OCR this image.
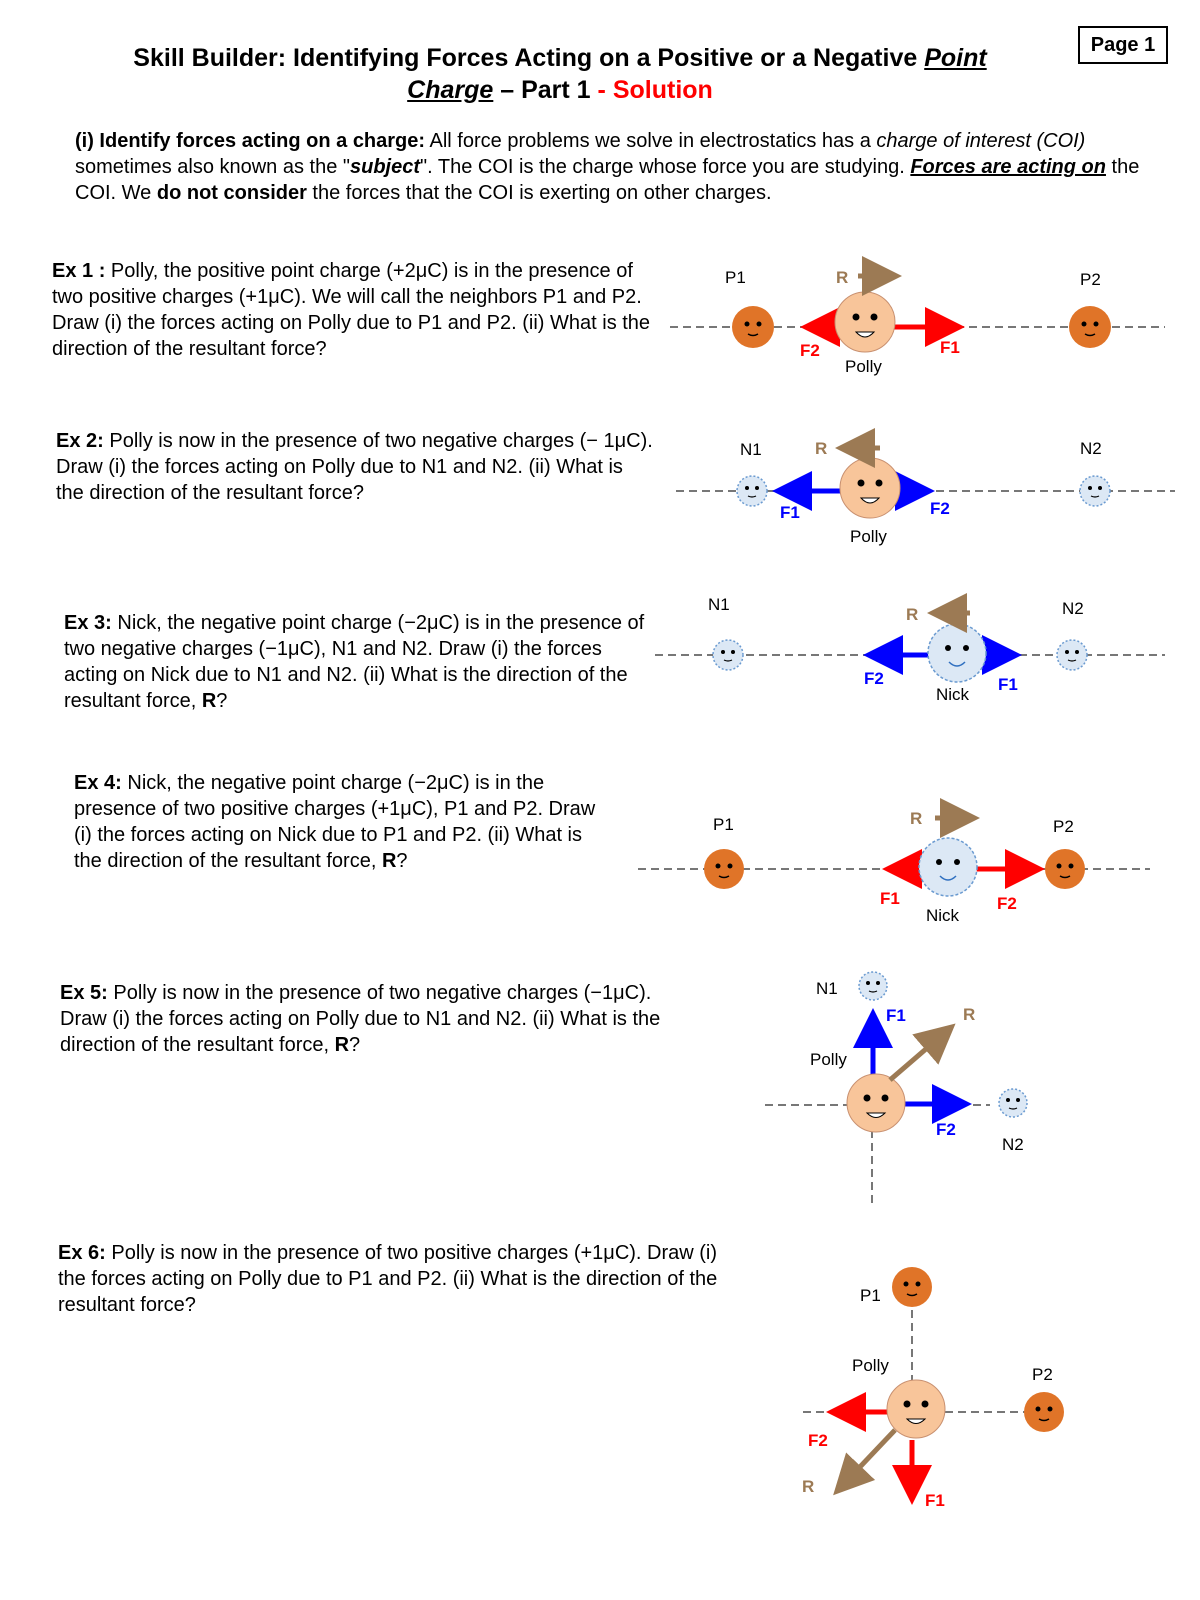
Page 1
Skill Builder: Identifying Forces Acting on a Positive or a Negative Point
Charge – Part 1 - Solution
(i) Identify forces acting on a charge: All force problems we solve in electrostatics has a charge of interest (COI) sometimes also known as the "subject". The COI is the charge whose force you are studying. Forces are acting on the COI. We do not consider the forces that the COI is exerting on other charges.
Ex 1 : Polly, the positive point charge (+2μC) is in the presence of two positive charges (+1μC). We will call the neighbors P1 and P2. Draw (i) the forces acting on Polly due to P1 and P2. (ii) What is the direction of the resultant force?
Ex 2: Polly is now in the presence of two negative charges (− 1μC). Draw (i) the forces acting on Polly due to N1 and N2. (ii) What is the direction of the resultant force?
Ex 3: Nick, the negative point charge (−2μC) is in the presence of two negative charges (−1μC), N1 and N2. Draw (i) the forces acting on Nick due to N1 and N2. (ii) What is the direction of the resultant force, R?
Ex 4: Nick, the negative point charge (−2μC) is in the presence of two positive charges (+1μC), P1 and P2. Draw (i) the forces acting on Nick due to P1 and P2. (ii) What is the direction of the resultant force, R?
Ex 5: Polly is now in the presence of two negative charges (−1μC). Draw (i) the forces acting on Polly due to N1 and N2. (ii) What is the direction of the resultant force, R?
Ex 6: Polly is now in the presence of two positive charges (+1μC). Draw (i) the forces acting on Polly due to P1 and P2. (ii) What is the direction of the resultant force?
P1	P2
R
F2	F1
Polly
N1	N2
R
F1	F2
Polly
N1	N2
R
F2	F1
Nick
P1	P2
R
F1	F2
Nick
N1
N2
R
F1
F2
Polly
P1
P2
Polly
F2
F1
R
